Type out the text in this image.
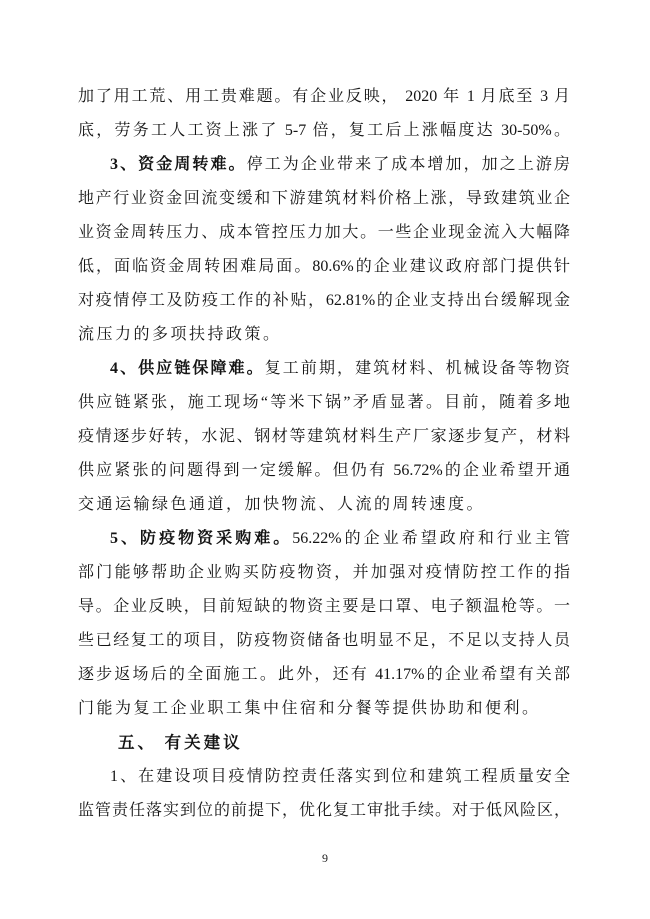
加了用工荒、用工贵难题。有企业反映， 2020 年 1 月底至 3 月
底，劳务工人工资上涨了 5-7 倍，复工后上涨幅度达 30-50%。
3、资金周转难。停工为企业带来了成本增加，加之上游房
地产行业资金回流变缓和下游建筑材料价格上涨，导致建筑业企
业资金周转压力、成本管控压力加大。一些企业现金流入大幅降
低，面临资金周转困难局面。80.6%的企业建议政府部门提供针
对疫情停工及防疫工作的补贴，62.81%的企业支持出台缓解现金
流压力的多项扶持政策。
4、供应链保障难。复工前期，建筑材料、机械设备等物资
供应链紧张，施工现场“等米下锅”矛盾显著。目前，随着多地
疫情逐步好转，水泥、钢材等建筑材料生产厂家逐步复产，材料
供应紧张的问题得到一定缓解。但仍有 56.72%的企业希望开通
交通运输绿色通道，加快物流、人流的周转速度。
5、防疫物资采购难。56.22%的企业希望政府和行业主管
部门能够帮助企业购买防疫物资，并加强对疫情防控工作的指
导。企业反映，目前短缺的物资主要是口罩、电子额温枪等。一
些已经复工的项目，防疫物资储备也明显不足，不足以支持人员
逐步返场后的全面施工。此外，还有 41.17%的企业希望有关部
门能为复工企业职工集中住宿和分餐等提供协助和便利。
五、 有关建议
1、在建设项目疫情防控责任落实到位和建筑工程质量安全
监管责任落实到位的前提下，优化复工审批手续。对于低风险区，
9
